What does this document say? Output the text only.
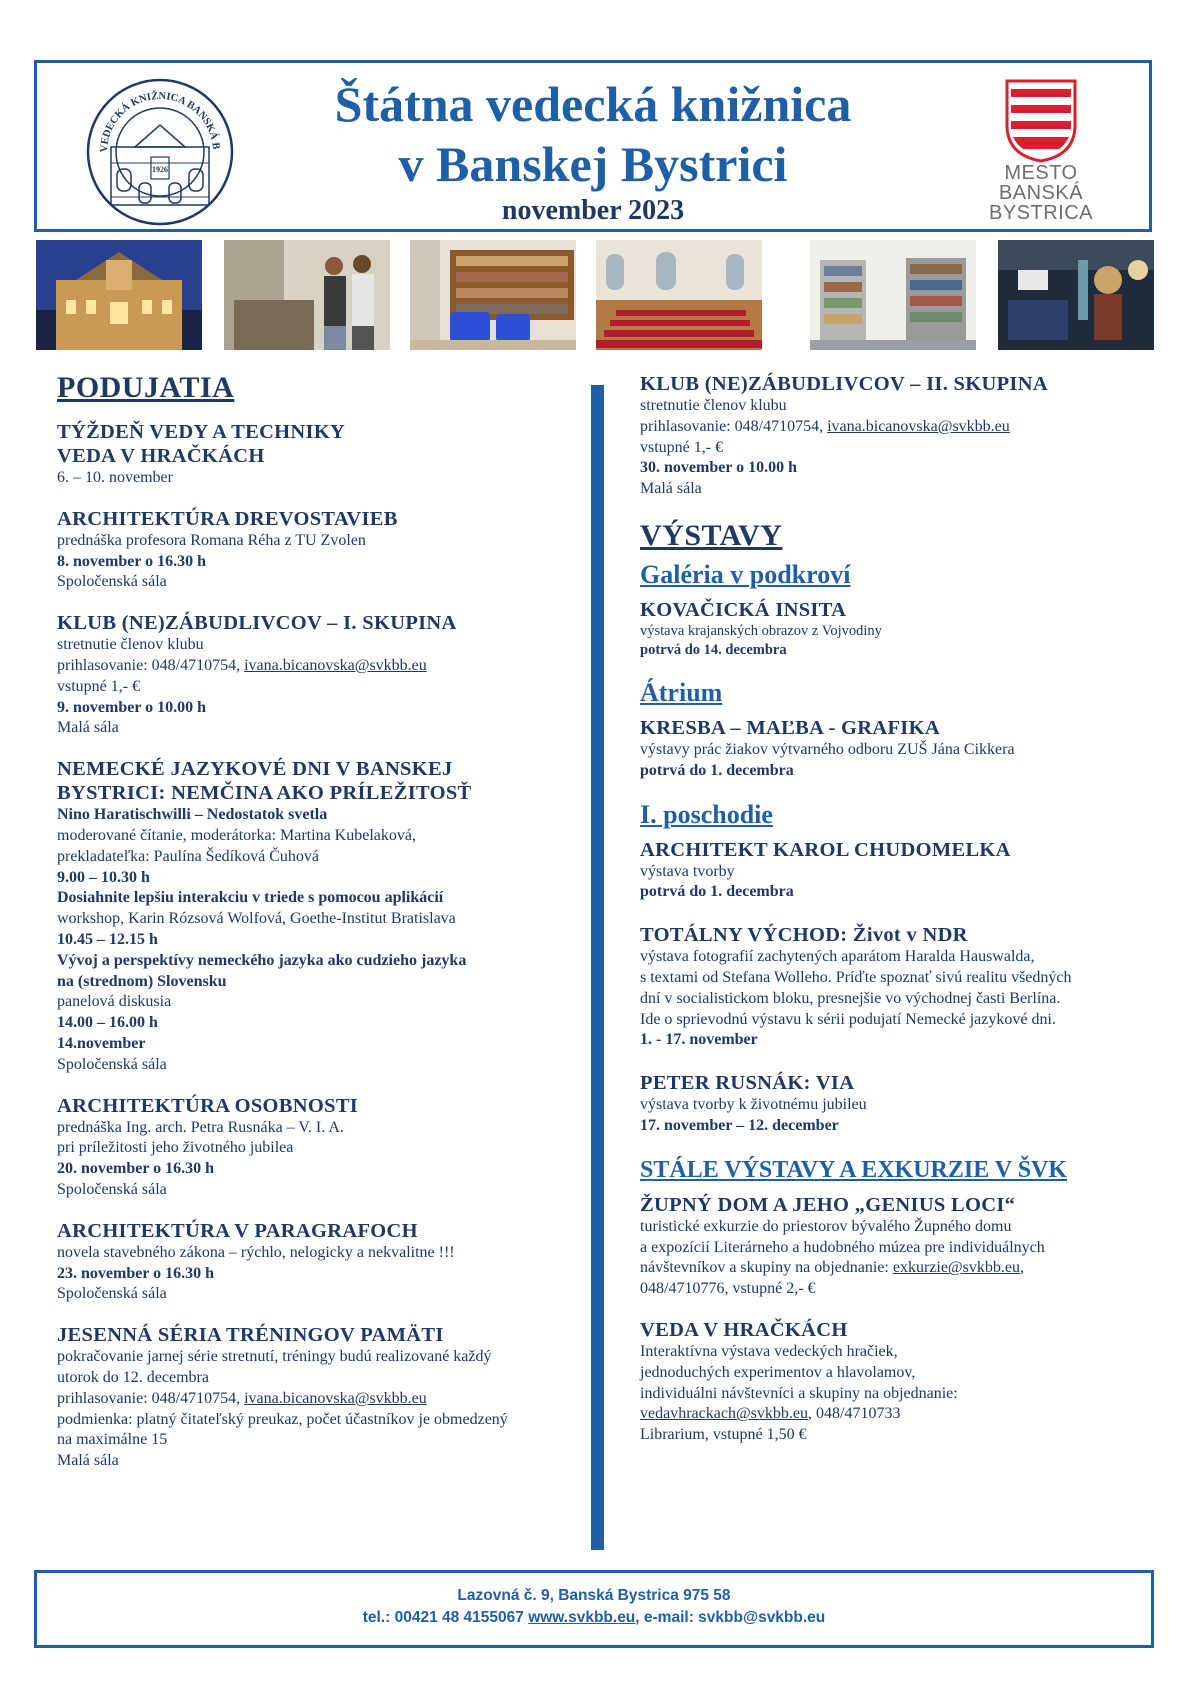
VEDECKÁ KNIŽNICA BANSKÁ B
1926
Štátna vedecká knižnica
v Banskej Bystrici
november 2023
MESTO
BANSKÁ BYSTRICA
PODUJATIA
TÝŽDEŇ VEDY A TECHNIKY
VEDA V HRAČKÁCH
6. – 10. november
ARCHITEKTÚRA DREVOSTAVIEB
prednáška profesora Romana Réha z TU Zvolen
8. november o 16.30 h
Spoločenská sála
KLUB (NE)ZÁBUDLIVCOV – I. SKUPINA
stretnutie členov klubu
prihlasovanie: 048/4710754, ivana.bicanovska@svkbb.eu
vstupné 1,- €
9. november o 10.00 h
Malá sála
NEMECKÉ JAZYKOVÉ DNI V BANSKEJ
BYSTRICI: NEMČINA AKO PRÍLEŽITOSŤ
Nino Haratischwilli – Nedostatok svetla
moderované čítanie, moderátorka: Martina Kubelaková,
prekladateľka: Paulína Šedíková Čuhová
9.00 – 10.30 h
Dosiahnite lepšiu interakciu v triede s pomocou aplikácií
workshop, Karin Rózsová Wolfová, Goethe-Institut Bratislava
10.45 – 12.15 h
Vývoj a perspektívy nemeckého jazyka ako cudzieho jazyka
na (strednom) Slovensku
panelová diskusia
14.00 – 16.00 h
14.november
Spoločenská sála
ARCHITEKTÚRA OSOBNOSTI
prednáška Ing. arch. Petra Rusnáka – V. I. A.
pri príležitosti jeho životného jubilea
20. november o 16.30 h
Spoločenská sála
ARCHITEKTÚRA V PARAGRAFOCH
novela stavebného zákona – rýchlo, nelogicky a nekvalitne !!!
23. november o 16.30 h
Spoločenská sála
JESENNÁ SÉRIA TRÉNINGOV PAMÄTI
pokračovanie jarnej série stretnutí, tréningy budú realizované každý
utorok do 12. decembra
prihlasovanie: 048/4710754, ivana.bicanovska@svkbb.eu
podmienka: platný čitateľský preukaz, počet účastníkov je obmedzený
na maximálne 15
Malá sála
KLUB (NE)ZÁBUDLIVCOV – II. SKUPINA
stretnutie členov klubu
prihlasovanie: 048/4710754, ivana.bicanovska@svkbb.eu
vstupné 1,- €
30. november o 10.00 h
Malá sála
VÝSTAVY
Galéria v podkroví
KOVAČICKÁ INSITA
výstava krajanských obrazov z Vojvodiny
potrvá do 14. decembra
Átrium
KRESBA – MAĽBA - GRAFIKA
výstavy prác žiakov výtvarného odboru ZUŠ Jána Cikkera
potrvá do 1. decembra
I. poschodie
ARCHITEKT KAROL CHUDOMELKA
výstava tvorby
potrvá do 1. decembra
TOTÁLNY VÝCHOD: Život v NDR
výstava fotografií zachytených aparátom Haralda Hauswalda,
s textami od Stefana Wolleho. Príďte spoznať sivú realitu všedných
dní v socialistickom bloku, presnejšie vo východnej časti Berlína.
Ide o sprievodnú výstavu k sérii podujatí Nemecké jazykové dni.
1. - 17. november
PETER RUSNÁK: VIA
výstava tvorby k životnému jubileu
17. november – 12. december
STÁLE VÝSTAVY A EXKURZIE V ŠVK
ŽUPNÝ DOM A JEHO „GENIUS LOCI“
turistické exkurzie do priestorov bývalého Župného domu
a expozícií Literárneho a hudobného múzea pre individuálnych
návštevníkov a skupiny na objednanie: exkurzie@svkbb.eu,
048/4710776, vstupné 2,- €
VEDA V HRAČKÁCH
Interaktívna výstava vedeckých hračiek,
jednoduchých experimentov a hlavolamov,
individuálni návštevníci a skupiny na objednanie:
vedavhrackach@svkbb.eu, 048/4710733
Librarium, vstupné 1,50 €
Lazovná č. 9, Banská Bystrica 975 58
tel.: 00421 48 4155067 www.svkbb.eu, e-mail: svkbb@svkbb.eu
